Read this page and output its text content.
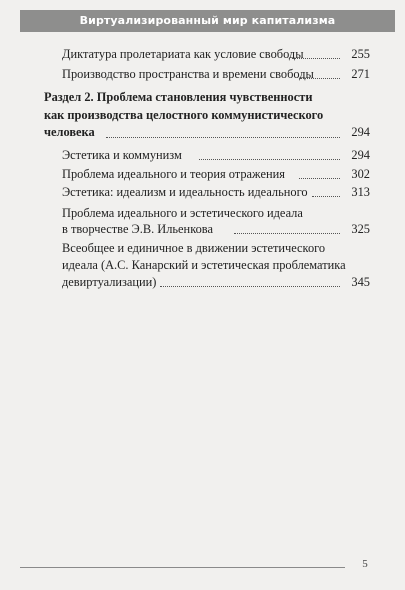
Виртуализированный мир капитализма
Диктатура пролетариата как условие свободы	255
Производство пространства и времени свободы	271
Раздел 2. Проблема становления чувственности
как производства целостного коммунистического
человека	294
Эстетика и коммунизм	294
Проблема идеального и теория отражения	302
Эстетика: идеализм и идеальность идеального	313
Проблема идеального и эстетического идеала
в творчестве Э.В. Ильенкова	325
Всеобщее и единичное в движении эстетического
идеала (А.С. Канарский и эстетическая проблематика
девиртуализации)	345
5
